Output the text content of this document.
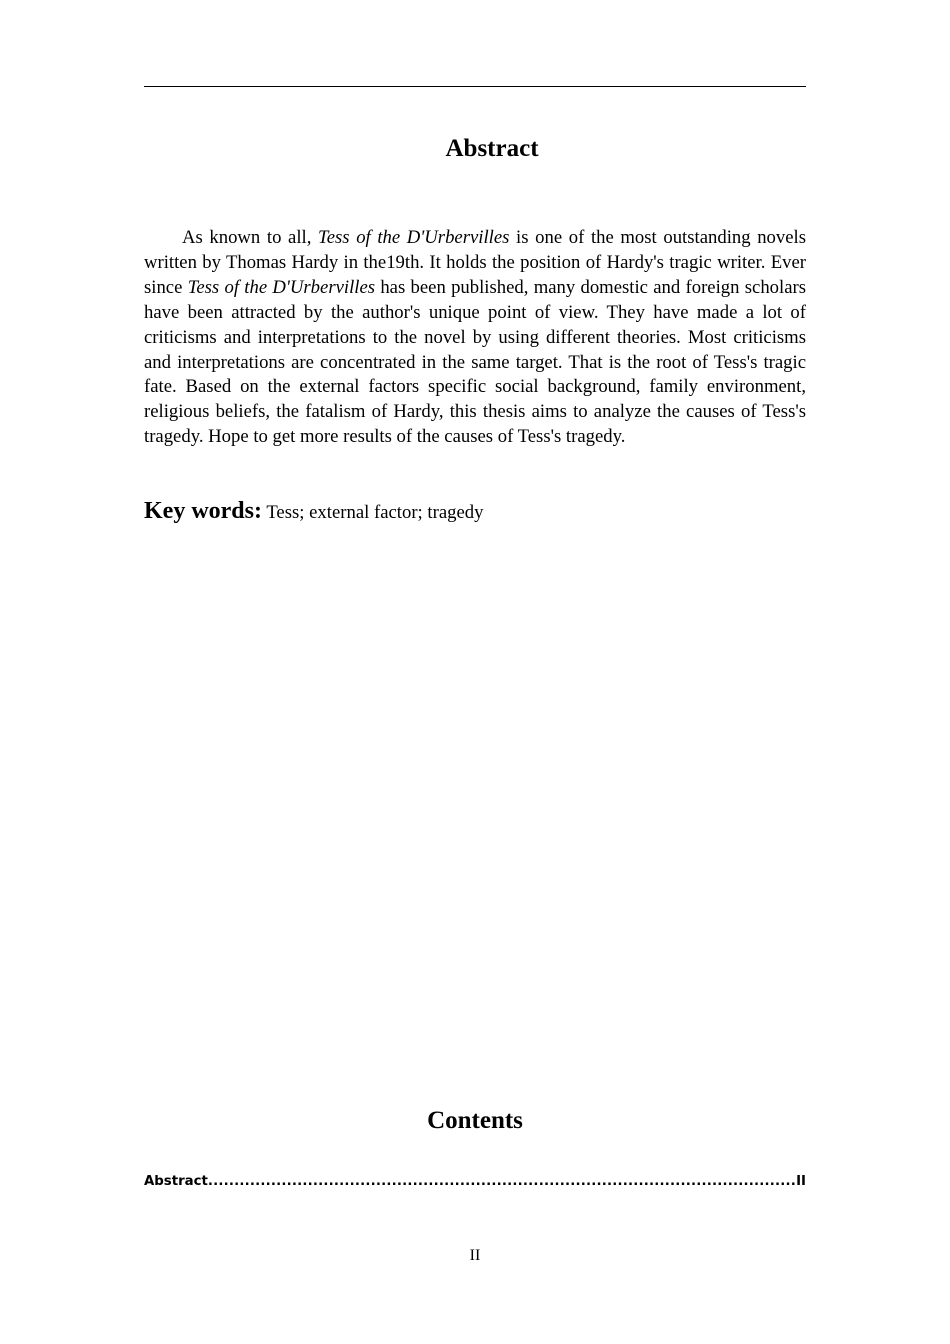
Abstract

As known to all, Tess of the D'Urbervilles is one of the most outstanding novels written by Thomas Hardy in the19th. It holds the position of Hardy's tragic writer. Ever since Tess of the D'Urbervilles has been published, many domestic and foreign scholars have been attracted by the author's unique point of view. They have made a lot of criticisms and interpretations to the novel by using different theories. Most criticisms and interpretations are concentrated in the same target. That is the root of Tess's tragic fate. Based on the external factors specific social background, family environment, religious beliefs, the fatalism of Hardy, this thesis aims to analyze the causes of Tess's tragedy. Hope to get more results of the causes of Tess's tragedy.

Key words: Tess; external factor; tragedy

Contents
Abstract
.....	II
II
